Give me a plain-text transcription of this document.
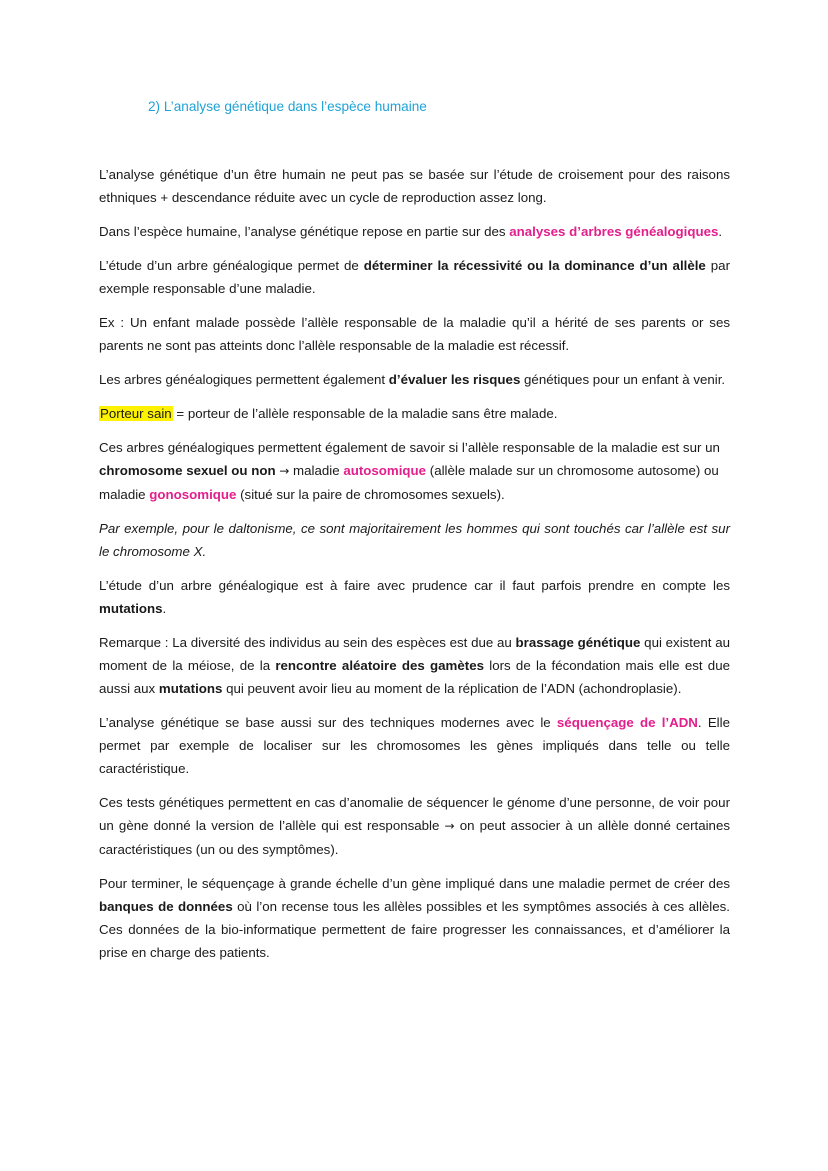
2) L’analyse génétique dans l’espèce humaine

L’analyse génétique d’un être humain ne peut pas se basée sur l’étude de croisement pour des raisons ethniques + descendance réduite avec un cycle de reproduction assez long.

Dans l’espèce humaine, l’analyse génétique repose en partie sur des analyses d’arbres généalogiques.

L’étude d’un arbre généalogique permet de déterminer la récessivité ou la dominance d’un allèle par exemple responsable d’une maladie.

Ex : Un enfant malade possède l’allèle responsable de la maladie qu’il a hérité de ses parents or ses parents ne sont pas atteints donc l’allèle responsable de la maladie est récessif.

Les arbres généalogiques permettent également d’évaluer les risques génétiques pour un enfant à venir.

Porteur sain = porteur de l’allèle responsable de la maladie sans être malade.

Ces arbres généalogiques permettent également de savoir si l’allèle responsable de la maladie est sur un chromosome sexuel ou non → maladie autosomique (allèle malade sur un chromosome autosome) ou maladie gonosomique (situé sur la paire de chromosomes sexuels).

Par exemple, pour le daltonisme, ce sont majoritairement les hommes qui sont touchés car l’allèle est sur le chromosome X.

L’étude d’un arbre généalogique est à faire avec prudence car il faut parfois prendre en compte les mutations.

Remarque : La diversité des individus au sein des espèces est due au brassage génétique qui existent au moment de la méiose, de la rencontre aléatoire des gamètes lors de la fécondation mais elle est due aussi aux mutations qui peuvent avoir lieu au moment de la réplication de l’ADN (achondroplasie).

L’analyse génétique se base aussi sur des techniques modernes avec le séquençage de l’ADN. Elle permet par exemple de localiser sur les chromosomes les gènes impliqués dans telle ou telle caractéristique.

Ces tests génétiques permettent en cas d’anomalie de séquencer le génome d’une personne, de voir pour un gène donné la version de l’allèle qui est responsable → on peut associer à un allèle donné certaines caractéristiques (un ou des symptômes).

Pour terminer, le séquençage à grande échelle d’un gène impliqué dans une maladie permet de créer des banques de données où l’on recense tous les allèles possibles et les symptômes associés à ces allèles. Ces données de la bio-informatique permettent de faire progresser les connaissances, et d’améliorer la prise en charge des patients.
